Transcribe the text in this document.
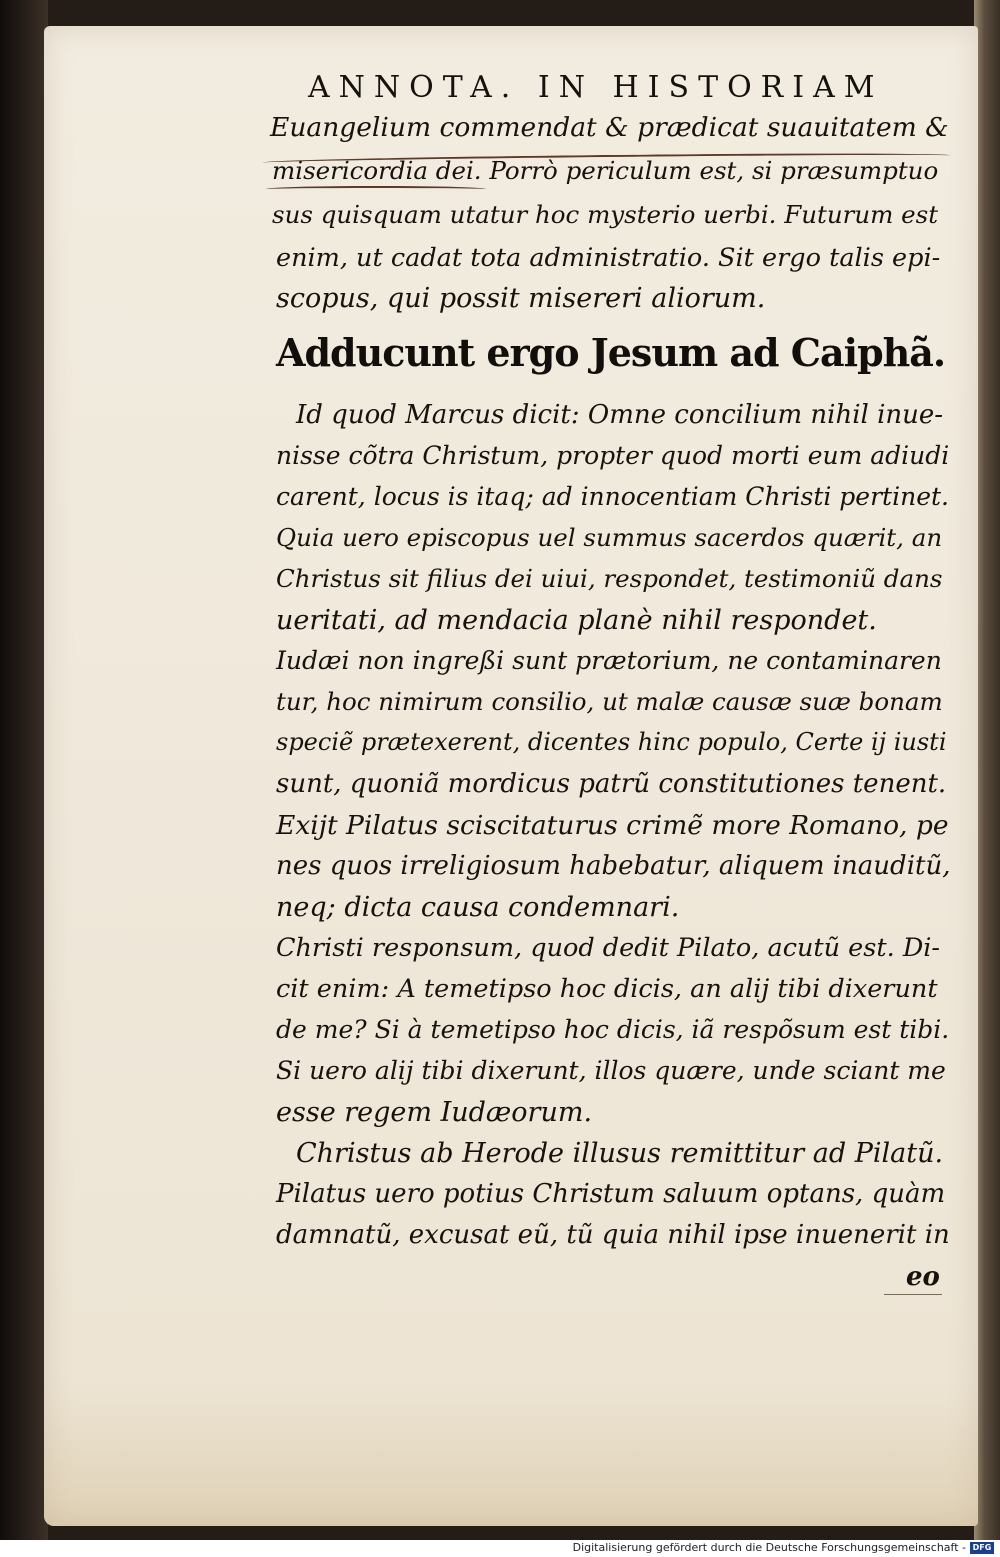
ANNOTA. IN HISTORIAM
Euangelium commendat & prædicat suauitatem &
misericordia dei. Porrò periculum est, si præsumptuo
sus quisquam utatur hoc mysterio uerbi. Futurum est
enim, ut cadat tota administratio. Sit ergo talis epi-
scopus, qui possit misereri aliorum.
Adducunt ergo Jesum ad Caiphã.
Id quod Marcus dicit: Omne concilium nihil inue-
nisse cõtra Christum, propter quod morti eum adiudi
carent, locus is itaq; ad innocentiam Christi pertinet.
Quia uero episcopus uel summus sacerdos quærit, an
Christus sit filius dei uiui, respondet, testimoniũ dans
ueritati, ad mendacia planè nihil respondet.
Iudæi non ingreßi sunt prætorium, ne contaminaren
tur, hoc nimirum consilio, ut malæ causæ suæ bonam
speciẽ prætexerent, dicentes hinc populo, Certe ij iusti
sunt, quoniã mordicus patrũ constitutiones tenent.
Exijt Pilatus sciscitaturus crimẽ more Romano, pe
nes quos irreligiosum habebatur, aliquem inauditũ,
neq; dicta causa condemnari.
Christi responsum, quod dedit Pilato, acutũ est. Di-
cit enim: A temetipso hoc dicis, an alij tibi dixerunt
de me? Si à temetipso hoc dicis, iã respõsum est tibi.
Si uero alij tibi dixerunt, illos quære, unde sciant me
esse regem Iudæorum.
Christus ab Herode illusus remittitur ad Pilatũ.
Pilatus uero potius Christum saluum optans, quàm
damnatũ, excusat eũ, tũ quia nihil ipse inuenerit in
eo
Digitalisierung gefördert durch die Deutsche Forschungsgemeinschaft - DFG
